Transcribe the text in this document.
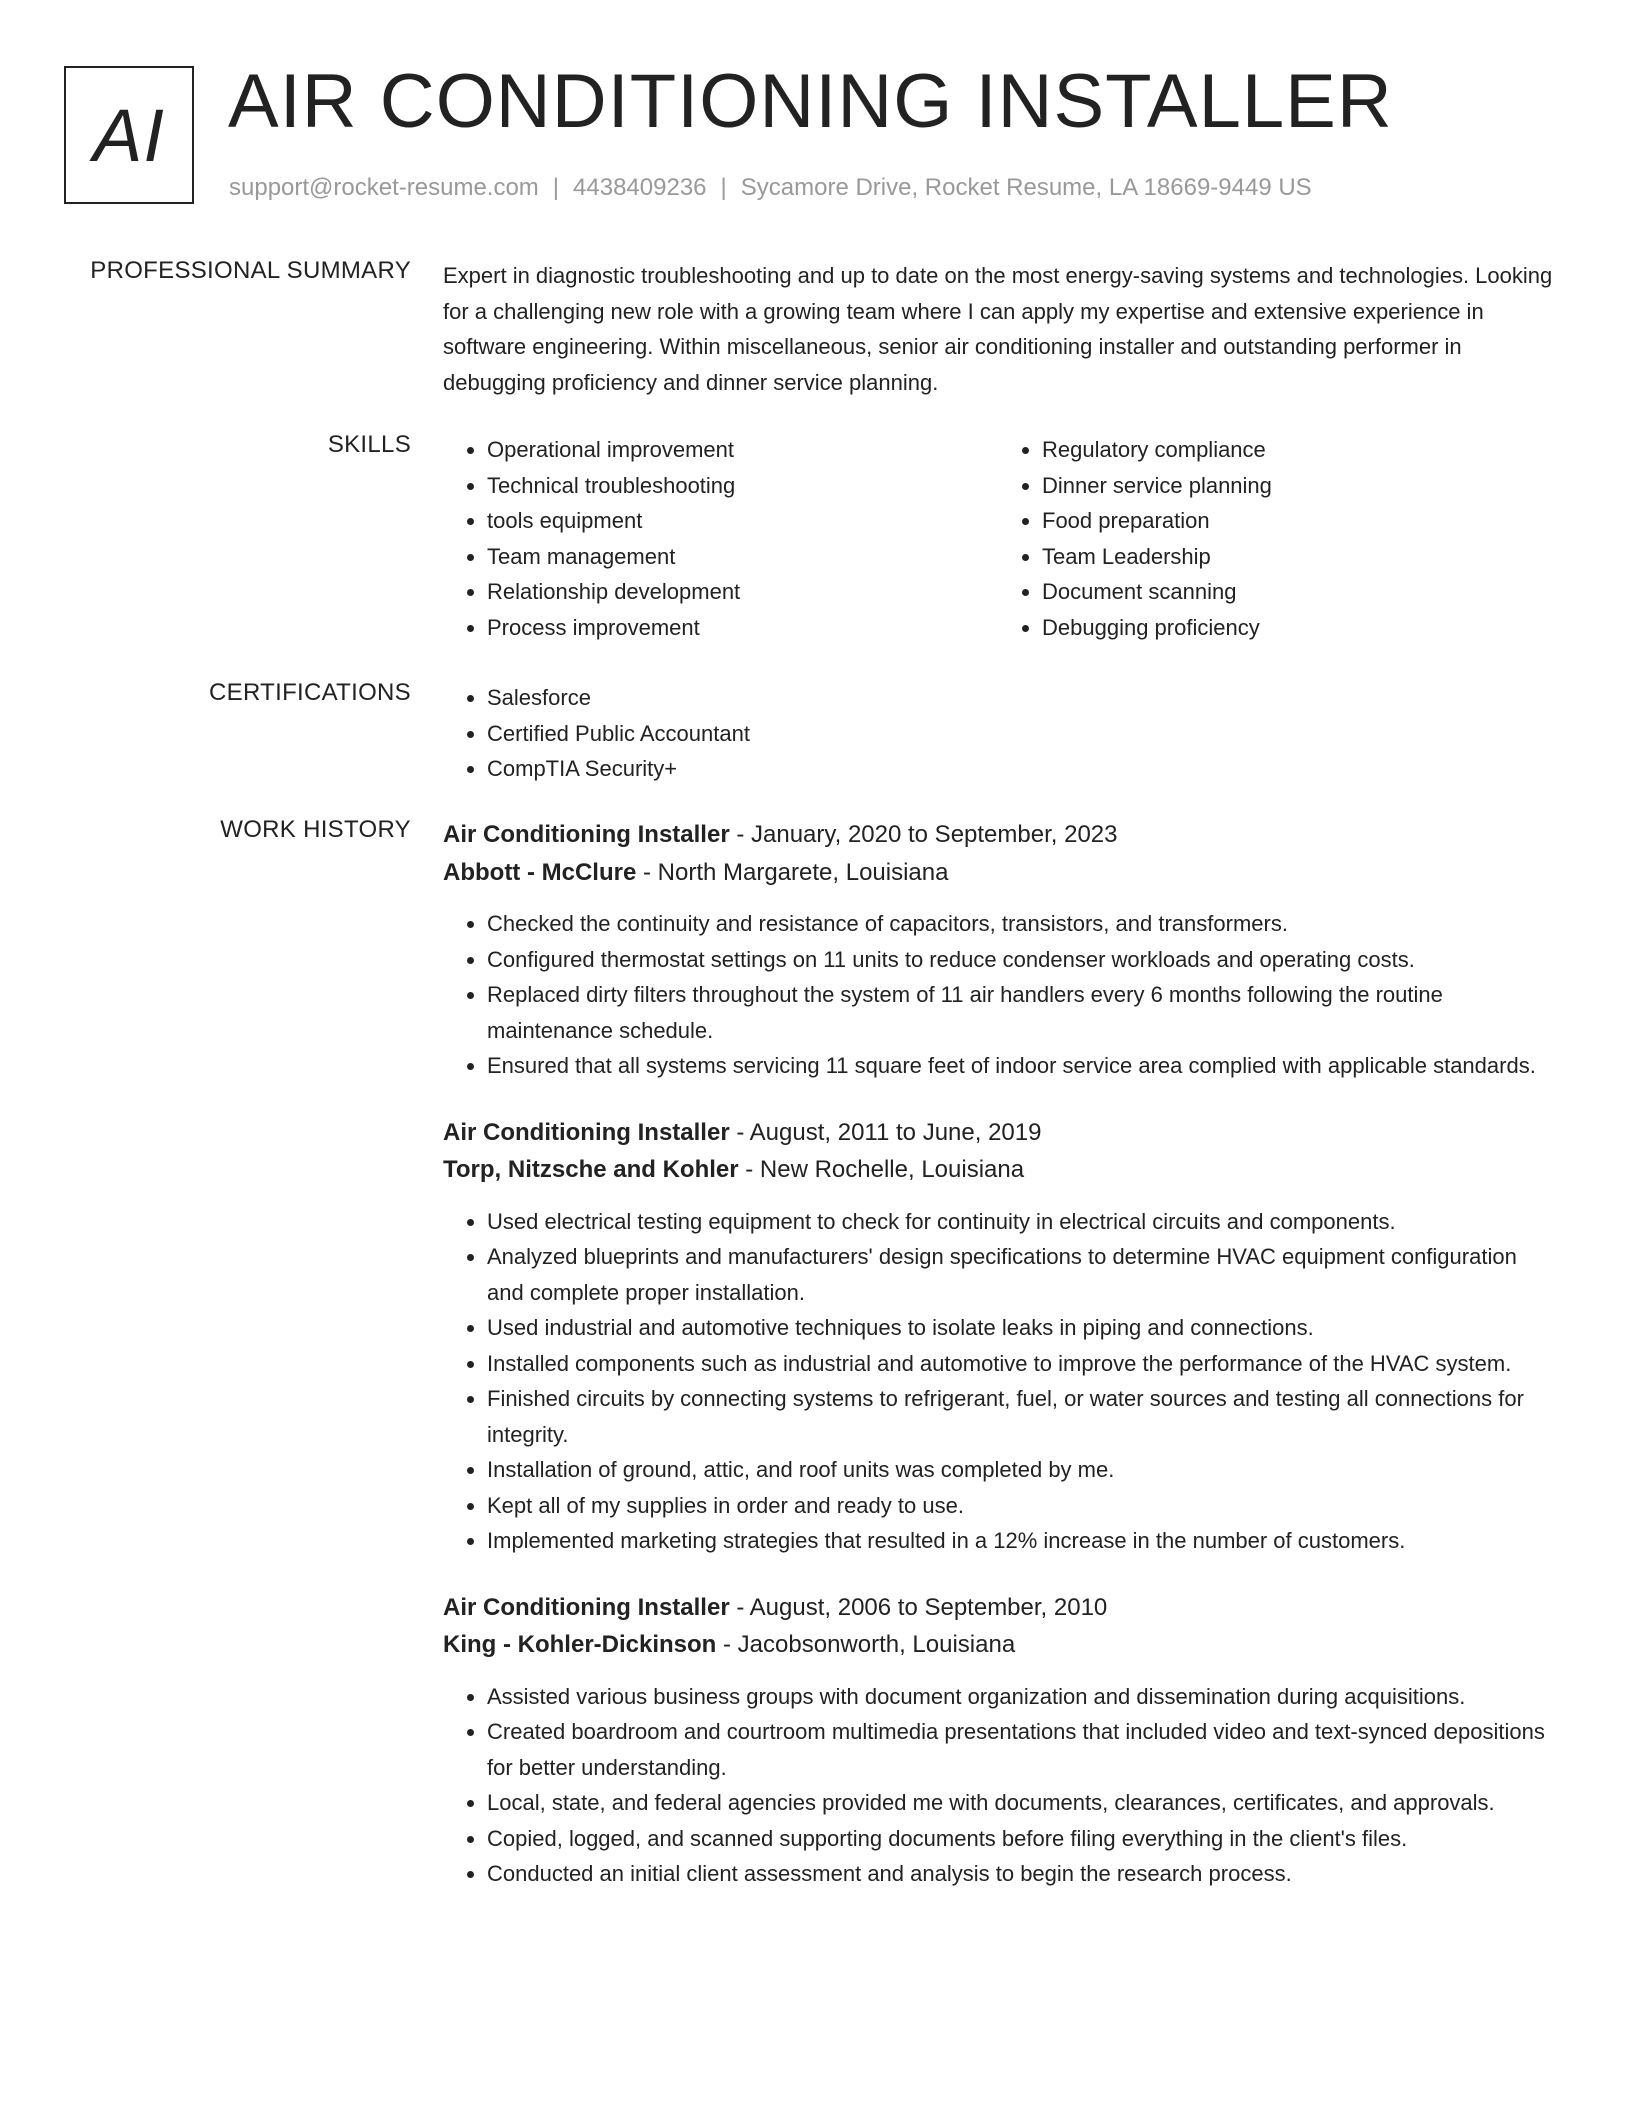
AI AIR CONDITIONING INSTALLER
support@rocket-resume.com | 4438409236 | Sycamore Drive, Rocket Resume, LA 18669-9449 US
PROFESSIONAL SUMMARY Expert in diagnostic troubleshooting and up to date on the most energy-saving systems and technologies. Looking for a challenging new role with a growing team where I can apply my expertise and extensive experience in software engineering. Within miscellaneous, senior air conditioning installer and outstanding performer in debugging proficiency and dinner service planning.

SKILLS	• Operational improvement
• Technical troubleshooting
• tools equipment
• Team management
• Relationship development
• Process improvement
• Regulatory compliance
• Dinner service planning
• Food preparation
• Team Leadership
• Document scanning
• Debugging proficiency
CERTIFICATIONS	• Salesforce
• Certified Public Accountant
• CompTIA Security+
WORK HISTORY Air Conditioning Installer - January, 2020 to September, 2023
Abbott - McClure - North Margarete, Louisiana
• Checked the continuity and resistance of capacitors, transistors, and transformers.
• Configured thermostat settings on 11 units to reduce condenser workloads and operating costs.
• Replaced dirty filters throughout the system of 11 air handlers every 6 months following the routine maintenance schedule.
• Ensured that all systems servicing 11 square feet of indoor service area complied with applicable standards.
Air Conditioning Installer - August, 2011 to June, 2019
Torp, Nitzsche and Kohler - New Rochelle, Louisiana
• Used electrical testing equipment to check for continuity in electrical circuits and components.
• Analyzed blueprints and manufacturers' design specifications to determine HVAC equipment configuration and complete proper installation.
• Used industrial and automotive techniques to isolate leaks in piping and connections.
• Installed components such as industrial and automotive to improve the performance of the HVAC system.
• Finished circuits by connecting systems to refrigerant, fuel, or water sources and testing all connections for integrity.
• Installation of ground, attic, and roof units was completed by me.
• Kept all of my supplies in order and ready to use.
• Implemented marketing strategies that resulted in a 12% increase in the number of customers.
Air Conditioning Installer - August, 2006 to September, 2010
King - Kohler-Dickinson - Jacobsonworth, Louisiana
• Assisted various business groups with document organization and dissemination during acquisitions.
• Created boardroom and courtroom multimedia presentations that included video and text-synced depositions for better understanding.
• Local, state, and federal agencies provided me with documents, clearances, certificates, and approvals.
• Copied, logged, and scanned supporting documents before filing everything in the client's files.
• Conducted an initial client assessment and analysis to begin the research process.
